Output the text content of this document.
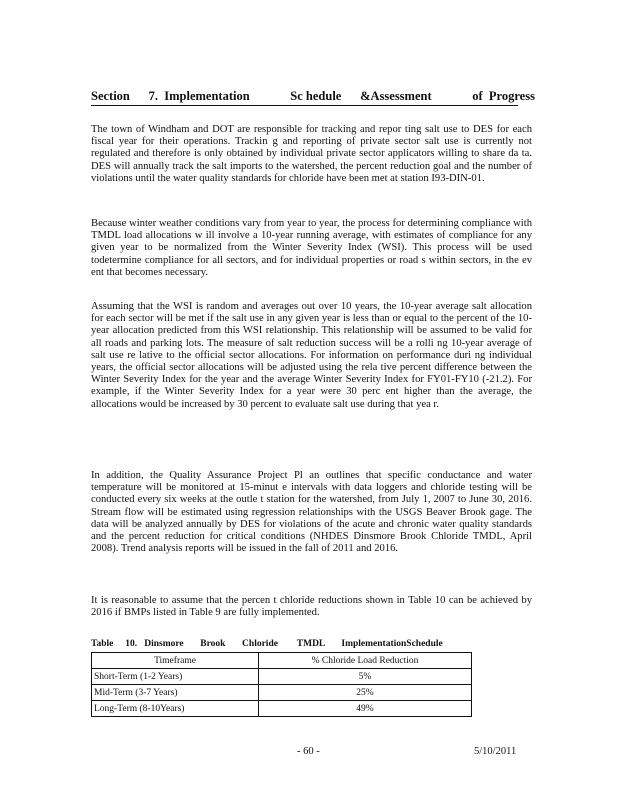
Section      7.  Implementation             Sc hedule      &Assessment             of  Progress

The town of Windham and DOT are responsible for tracking and repor ting salt use to DES for each fiscal year for their operations. Trackin g and reporting of private sector salt use is currently not regulated and therefore is only obtained by individual private sector applicators willing to share da ta. DES will annually track the salt imports to the watershed, the percent reduction goal and the number of violations until the water quality standards for chloride have been met at station I93-DIN-01.

Because winter weather conditions vary from year to year, the process for determining compliance with TMDL load allocations w ill involve a 10-year running average, with estimates of compliance for any given year to be normalized from the Winter Severity Index (WSI). This process will be used todetermine compliance for all sectors, and for individual properties or road s within sectors, in the ev ent that becomes necessary.

Assuming that the WSI is random and averages out over 10 years, the 10-year average salt allocation for each sector will be met if the salt use in any given year is less than or equal to the percent of the 10-year allocation predicted from this WSI relationship. This relationship will be assumed to be valid for all roads and parking lots. The measure of salt reduction success will be a rolli ng 10-year average of salt use re lative to the official sector allocations. For information on performance duri ng individual years, the official sector allocations will be adjusted using the rela tive percent difference between the Winter Severity Index for the year and the average Winter Severity Index for FY01-FY10 (-21.2). For example, if the Winter Severity Index for a year were 30 perc ent higher than the average, the allocations would be increased by 30 percent to evaluate salt use during that yea r.

In addition, the Quality Assurance Project Pl an outlines that specific conductance and water temperature will be monitored at 15-minut e intervals with data loggers and chloride testing will be conducted every six weeks at the outle t station for the watershed, from July 1, 2007 to June 30, 2016. Stream flow will be estimated using regression relationships with the USGS Beaver Brook gage. The data will be analyzed annually by DES for violations of the acute and chronic water quality standards and the percent reduction for critical conditions (NHDES Dinsmore Brook Chloride TMDL, April 2008). Trend analysis reports will be issued in the fall of 2011 and 2016.

It is reasonable to assume that the percen t chloride reductions shown in Table 10 can be achieved by 2016 if BMPs listed in Table 9 are fully implemented.

Table     10.   Dinsmore       Brook       Chloride        TMDL       ImplementationSchedule
Timeframe	% Chloride Load Reduction
Short-Term (1-2 Years)	5%
Mid-Term (3-7 Years)	25%
Long-Term (8-10Years)	49%
- 60 -	5/10/2011
